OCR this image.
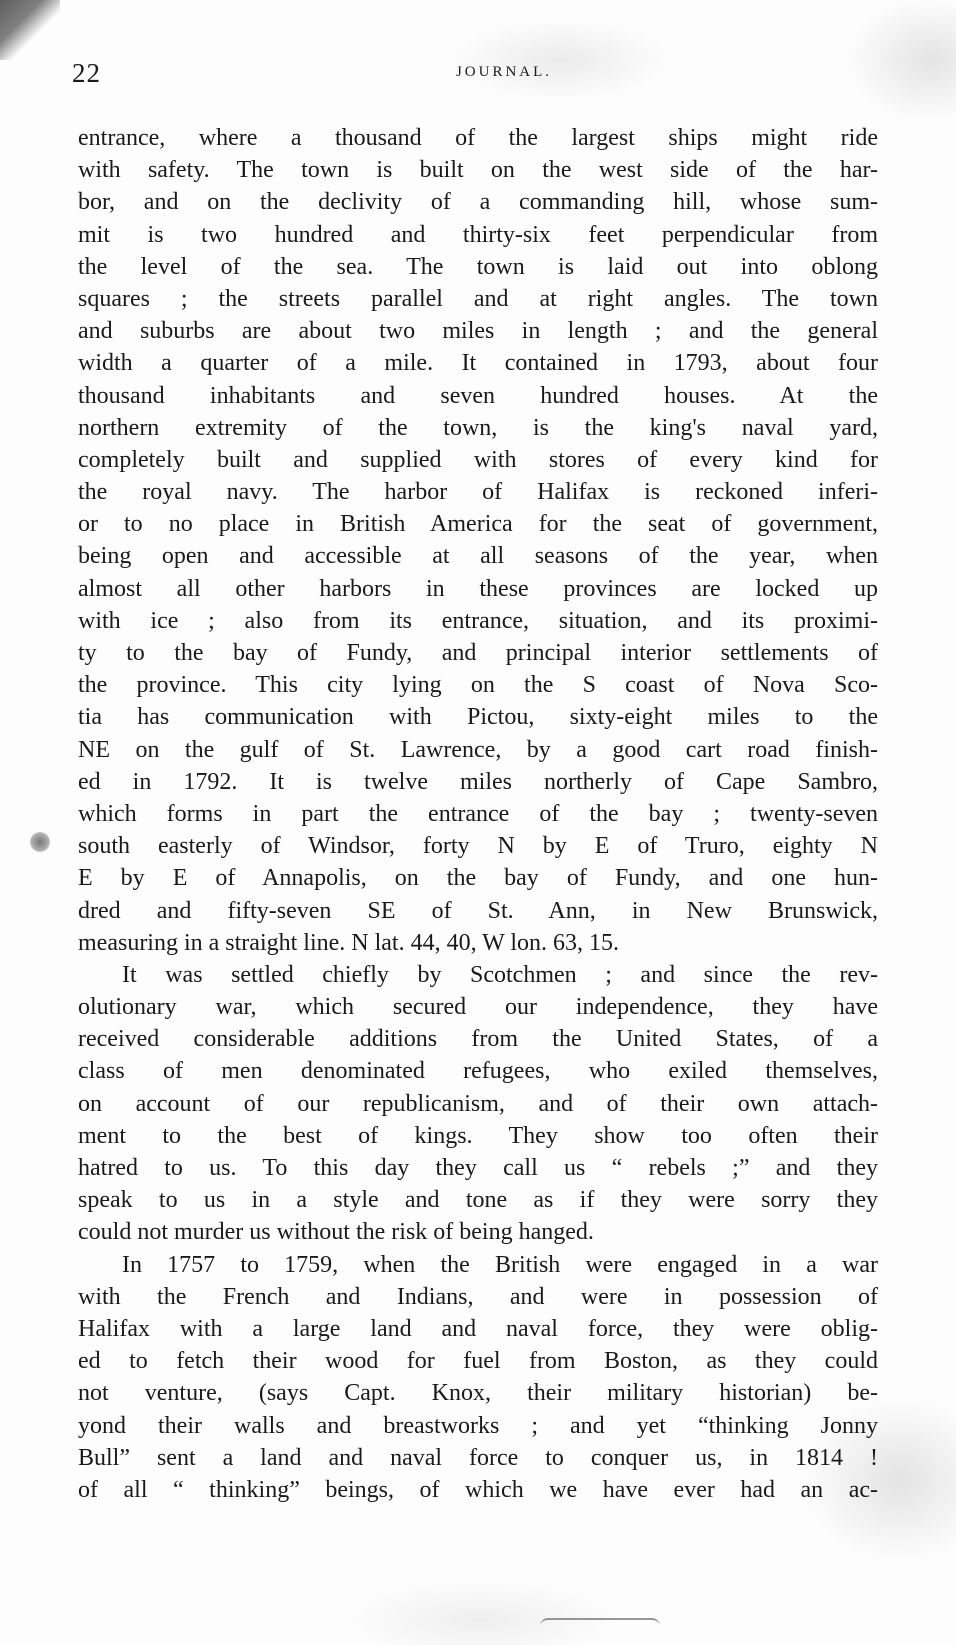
22	JOURNAL.
entrance, where a thousand of the largest ships might ride
with safety. The town is built on the west side of the har-
bor, and on the declivity of a commanding hill, whose sum-
mit is two hundred and thirty-six feet perpendicular from
the level of the sea. The town is laid out into oblong
squares ; the streets parallel and at right angles. The town
and suburbs are about two miles in length ; and the general
width a quarter of a mile. It contained in 1793, about four
thousand inhabitants and seven hundred houses. At the
northern extremity of the town, is the king's naval yard,
completely built and supplied with stores of every kind for
the royal navy. The harbor of Halifax is reckoned inferi-
or to no place in British America for the seat of government,
being open and accessible at all seasons of the year, when
almost all other harbors in these provinces are locked up
with ice ; also from its entrance, situation, and its proximi-
ty to the bay of Fundy, and principal interior settlements of
the province. This city lying on the S coast of Nova Sco-
tia has communication with Pictou, sixty-eight miles to the
NE on the gulf of St. Lawrence, by a good cart road finish-
ed in 1792. It is twelve miles northerly of Cape Sambro,
which forms in part the entrance of the bay ; twenty-seven
south easterly of Windsor, forty N by E of Truro, eighty N
E by E of Annapolis, on the bay of Fundy, and one hun-
dred and fifty-seven SE of St. Ann, in New Brunswick,
measuring in a straight line. N lat. 44, 40, W lon. 63, 15.
It was settled chiefly by Scotchmen ; and since the rev-
olutionary war, which secured our independence, they have
received considerable additions from the United States, of a
class of men denominated refugees, who exiled themselves,
on account of our republicanism, and of their own attach-
ment to the best of kings. They show too often their
hatred to us. To this day they call us “ rebels ;” and they
speak to us in a style and tone as if they were sorry they
could not murder us without the risk of being hanged.
In 1757 to 1759, when the British were engaged in a war
with the French and Indians, and were in possession of
Halifax with a large land and naval force, they were oblig-
ed to fetch their wood for fuel from Boston, as they could
not venture, (says Capt. Knox, their military historian) be-
yond their walls and breastworks ; and yet “thinking Jonny
Bull” sent a land and naval force to conquer us, in 1814 !
of all “ thinking” beings, of which we have ever had an ac-
